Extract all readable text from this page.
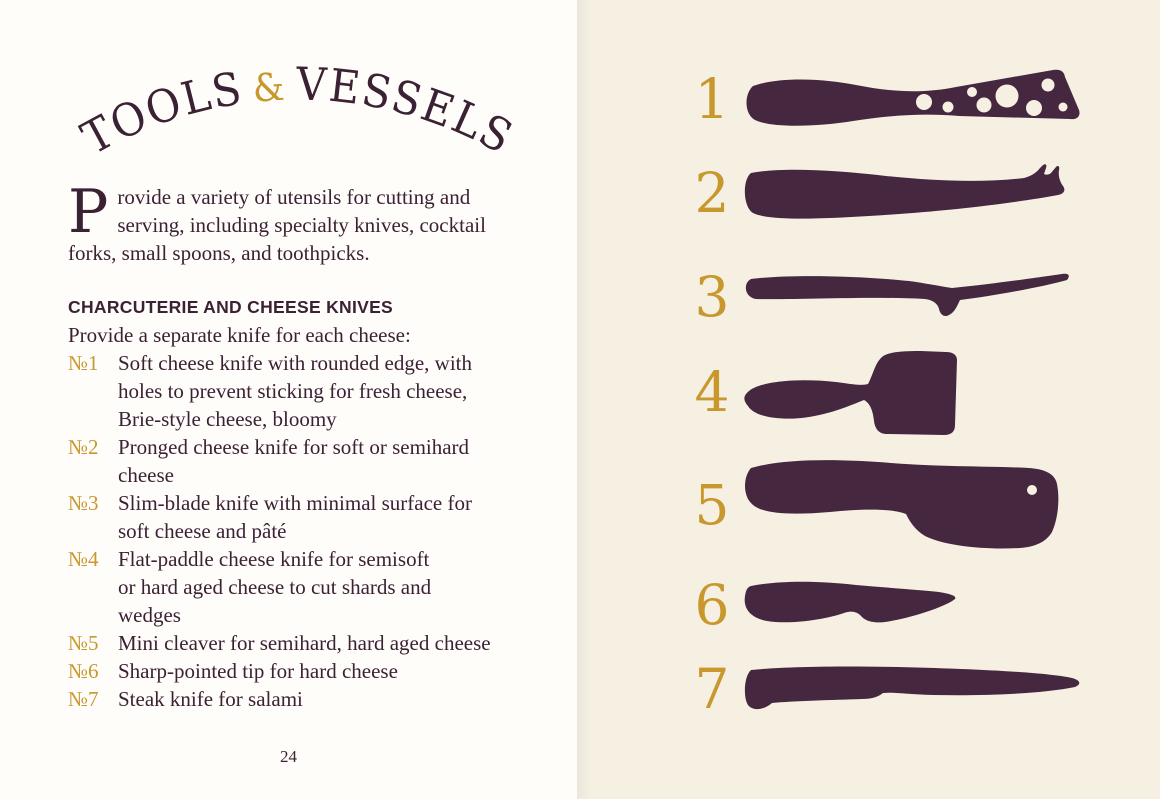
TOOLS& VESSELS

Provide a variety of utensils for cutting and serving, including specialty knives, cocktail forks, small spoons, and toothpicks.

CHARCUTERIE AND CHEESE KNIVES

Provide a separate knife for each cheese:

№1 Soft cheese knife with rounded edge, with
holes to prevent sticking for fresh cheese,
Brie-style cheese, bloomy
№2 Pronged cheese knife for soft or semihard
cheese
№3 Slim-blade knife with minimal surface for
soft cheese and pâté
№4 Flat-paddle cheese knife for semisoft
or hard aged cheese to cut shards and
wedges
№5 Mini cleaver for semihard, hard aged cheese
№6 Sharp-pointed tip for hard cheese
№7 Steak knife for salami
24
1
2
3
4
5
6
7
